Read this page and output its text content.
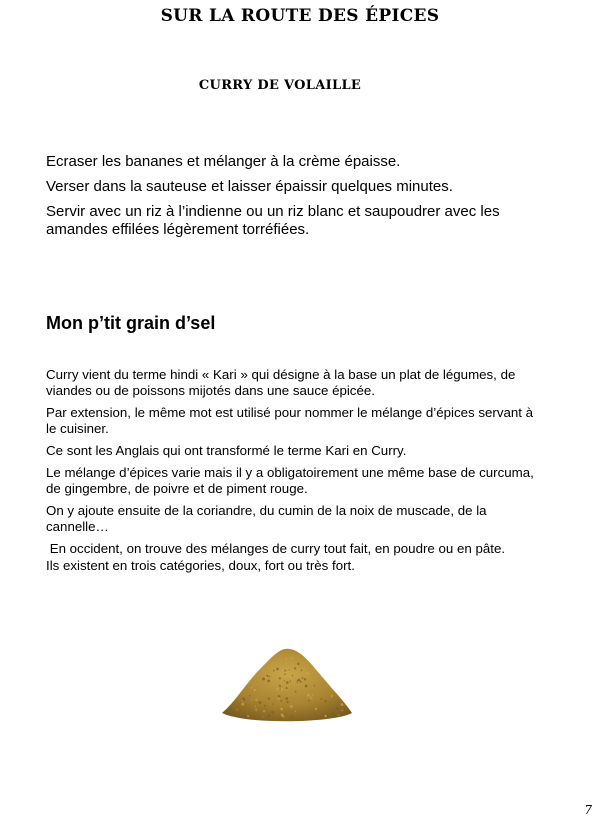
SUR LA ROUTE DES ÉPICES
CURRY DE VOLAILLE

Ecraser les bananes et mélanger à la crème épaisse.

Verser dans la sauteuse et laisser épaissir quelques minutes.

Servir avec un riz à l’indienne ou un riz blanc et saupoudrer avec les amandes effilées légèrement torréfiées.

Mon p’tit grain d’sel

Curry vient du terme hindi « Kari » qui désigne à la base un plat de légumes, de viandes ou de poissons mijotés dans une sauce épicée.

Par extension, le même mot est utilisé pour nommer le mélange d’épices servant à le cuisiner.

Ce sont les Anglais qui ont transformé le terme Kari en Curry.

Le mélange d’épices varie mais il y a obligatoirement une même base de curcuma, de gingembre, de poivre et de piment rouge.

On y ajoute ensuite de la coriandre, du cumin de la noix de muscade, de la cannelle…

En occident, on trouve des mélanges de curry tout fait, en poudre ou en pâte.

Ils existent en trois catégories, doux, fort ou très fort.

7
